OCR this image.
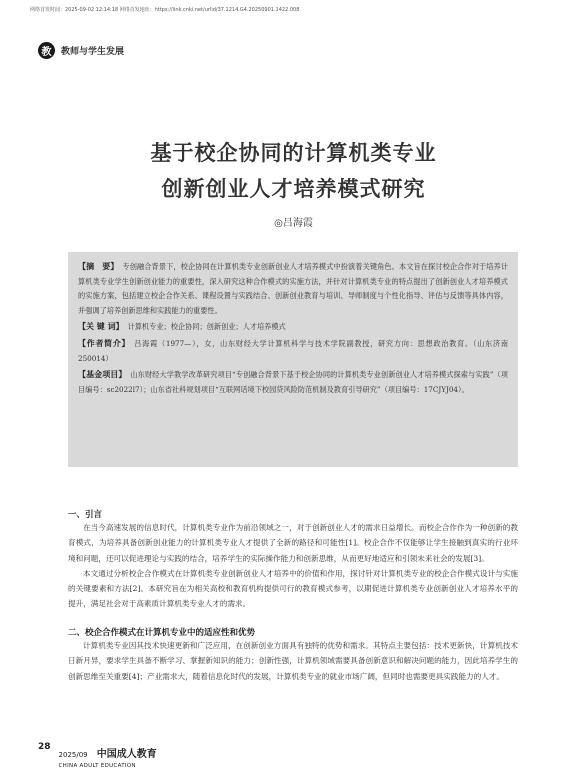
网络首发时间：2025-09-02 12:14:18 网络首发地址：https://link.cnki.net/urlid/37.1214.G4.20250901.1422.008
教	教师与学生发展
基于校企协同的计算机类专业
创新创业人才培养模式研究
◎吕海霞

【摘　要】 专创融合背景下，校企协同在计算机类专业创新创业人才培养模式中扮演着关键角色。本文旨在探讨校企合作对于培养计算机类专业学生创新创业能力的重要性，深入研究这种合作模式的实施方法，并针对计算机类专业的特点提出了创新创业人才培养模式的实施方案，包括建立校企合作关系、课程设置与实践结合、创新创业教育与培训、导师制度与个性化指导、评估与反馈等具体内容，并强调了培养创新思维和实践能力的重要性。

【关 键 词】 计算机专业；校企协同；创新创业；人才培养模式

【作者简介】 吕海霞（1977—），女，山东财经大学计算机科学与技术学院副教授，研究方向：思想政治教育。（山东济南　250014）

【基金项目】 山东财经大学教学改革研究项目“专创融合背景下基于校企协同的计算机类专业创新创业人才培养模式探索与实践”（项目编号：sc2022l7）；山东省社科规划项目“互联网话境下校园贷风险防范机制及教育引导研究”（项目编号：17CJYJ04）。

一、引言

在当今高速发展的信息时代，计算机类专业作为前沿领域之一，对于创新创业人才的需求日益增长。而校企合作作为一种创新的教育模式，为培养具备创新创业能力的计算机类专业人才提供了全新的路径和可能性[1]。校企合作不仅能够让学生接触到真实的行业环境和问题，还可以促进理论与实践的结合，培养学生的实际操作能力和创新思维，从而更好地适应和引领未来社会的发展[3]。

本文通过分析校企合作模式在计算机类专业创新创业人才培养中的价值和作用，探讨针对计算机类专业的校企合作模式设计与实施的关键要素和方法[2]。本研究旨在为相关高校和教育机构提供可行的教育模式参考，以期促进计算机类专业创新创业人才培养水平的提升，满足社会对于高素质计算机类专业人才的需求。

二、校企合作模式在计算机专业中的适应性和优势

计算机类专业因其技术快速更新和广泛应用，在创新创业方面具有独特的优势和需求。其特点主要包括：技术更新快，计算机技术日新月异，要求学生具备不断学习、掌握新知识的能力；创新性强，计算机领域需要具备创新意识和解决问题的能力，因此培养学生的创新思维至关重要[4]；产业需求大，随着信息化时代的发展，计算机类专业的就业市场广阔，但同时也需要更具实践能力的人才。

28
2025/09 中国成人教育
CHINA ADULT EDUCATION
